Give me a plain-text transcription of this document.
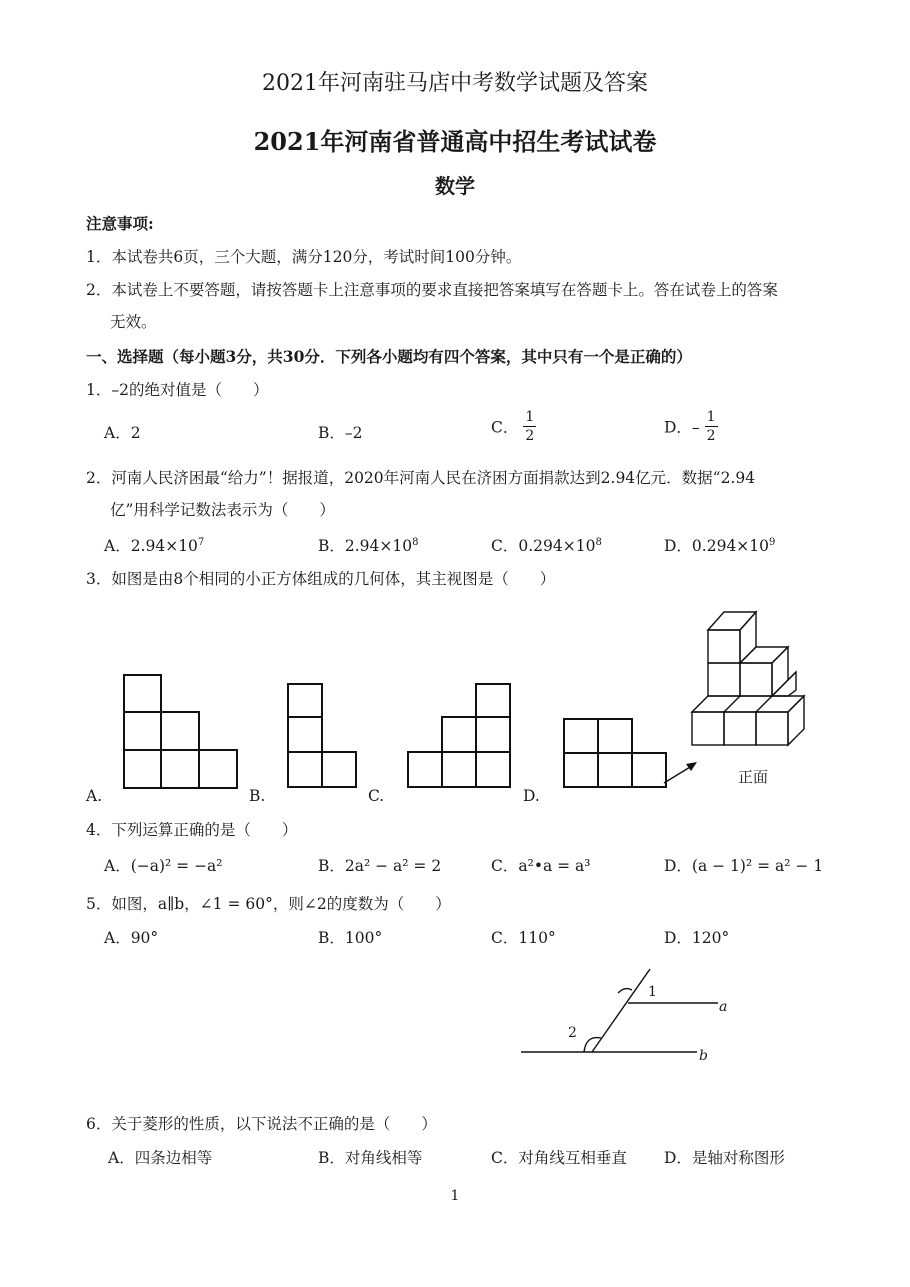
2021年河南驻马店中考数学试题及答案
2021年河南省普通高中招生考试试卷
数学
注意事项:
1．本试卷共6页，三个大题，满分120分，考试时间100分钟。
2．本试卷上不要答题，请按答题卡上注意事项的要求直接把答案填写在答题卡上。答在试卷上的答案
无效。
一、选择题（每小题3分，共30分．下列各小题均有四个答案，其中只有一个是正确的）
1．–2的绝对值是（　　）
A．2	B．–2	C． $\frac{1}{2}$	D．– $\frac{1}{2}$
2．河南人民济困最“给力”！据报道，2020年河南人民在济困方面捐款达到2.94亿元．数据“2.94
亿”用科学记数法表示为（　　）
A．$2.94\times 10^7$	B．$2.94\times 10^8$	C．$0.294\times 10^8$	D．$0.294\times 10^9$
3．如图是由8个相同的小正方体组成的几何体，其主视图是（　　）
A.	B.	C.	D.
正面
4．下列运算正确的是（　　）
A．(−a)² = −a²	B．2a² − a² = 2	C．a²•a = a³	D．(a − 1)² = a² − 1
5．如图，a∥b，∠1 = 60°，则∠2的度数为（　　）
A．90°	B．100°	C．110°	D．120°
1
2
a
b
6．关于菱形的性质，以下说法不正确的是（　　）
A．四条边相等	B．对角线相等	C．对角线互相垂直 D．是轴对称图形
1
